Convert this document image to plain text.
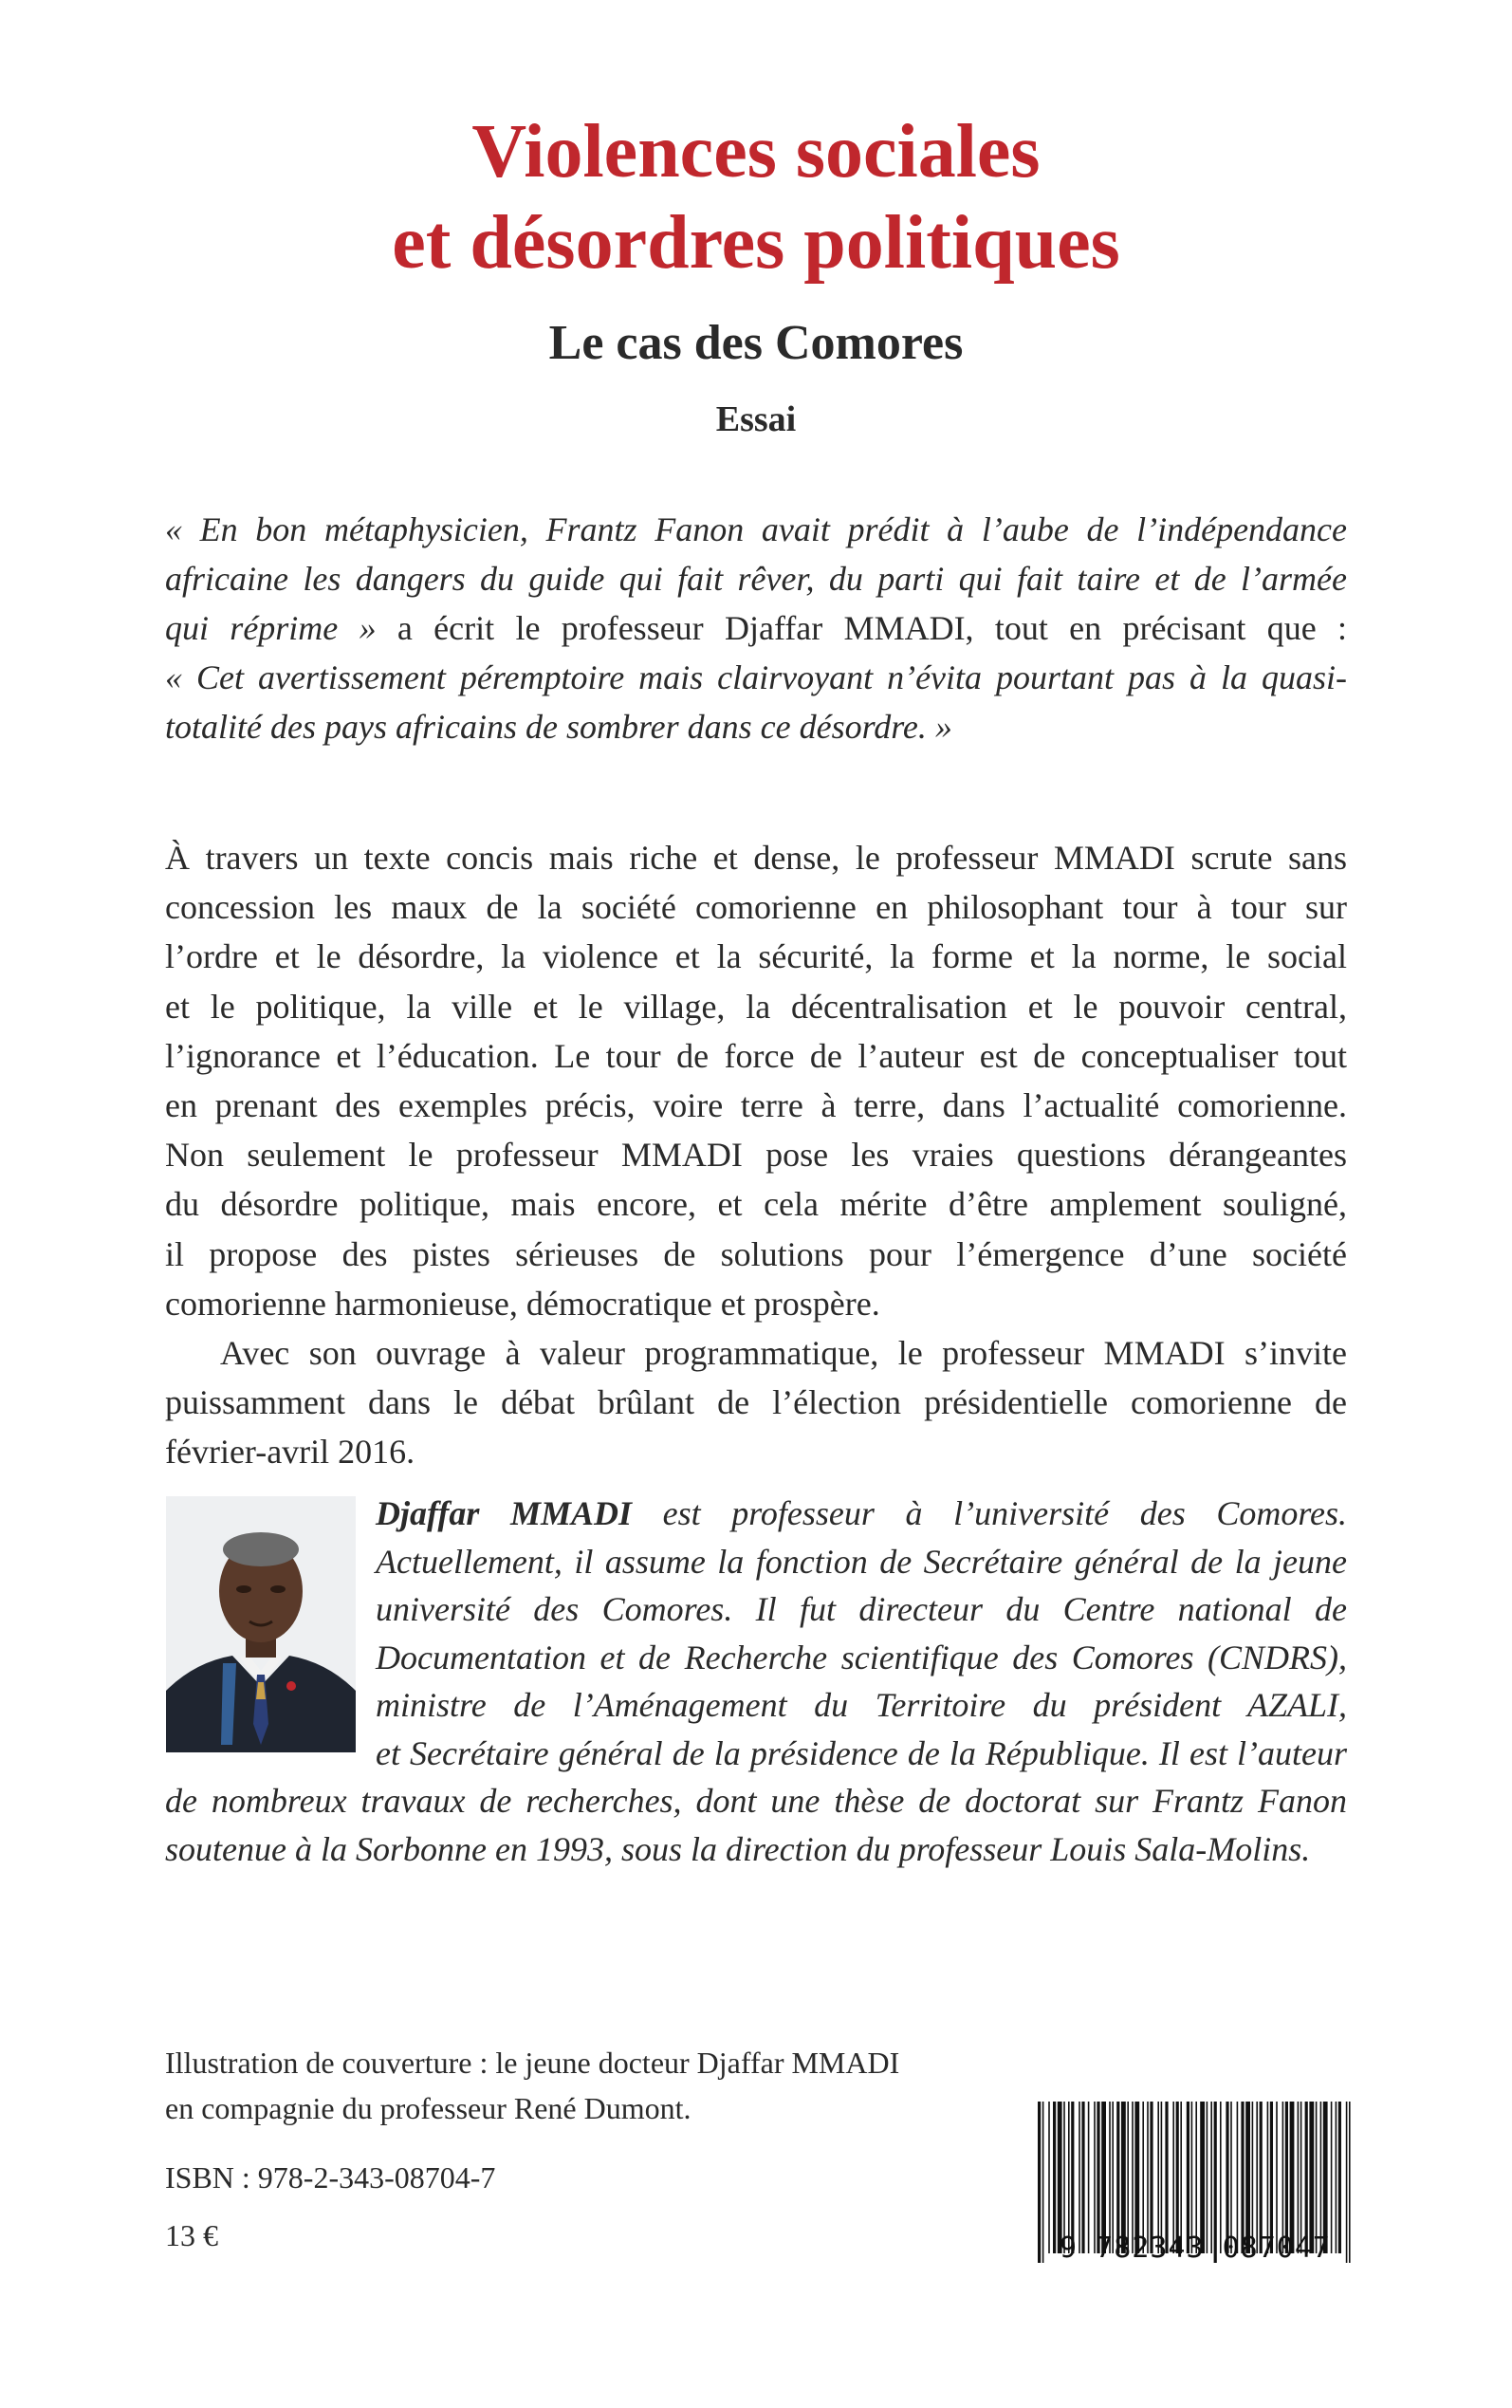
Violences sociales
et désordres politiques
Le cas des Comores
Essai
« En bon métaphysicien, Frantz Fanon avait prédit à l’aube de l’indépendance
africaine les dangers du guide qui fait rêver, du parti qui fait taire et de l’armée
qui réprime » a écrit le professeur Djaffar MMADI, tout en précisant que :
« Cet avertissement péremptoire mais clairvoyant n’évita pourtant pas à la quasi-
totalité des pays africains de sombrer dans ce désordre. »
À travers un texte concis mais riche et dense, le professeur MMADI scrute sans
concession les maux de la société comorienne en philosophant tour à tour sur
l’ordre et le désordre, la violence et la sécurité, la forme et la norme, le social
et le politique, la ville et le village, la décentralisation et le pouvoir central,
l’ignorance et l’éducation. Le tour de force de l’auteur est de conceptualiser tout
en prenant des exemples précis, voire terre à terre, dans l’actualité comorienne.
Non seulement le professeur MMADI pose les vraies questions dérangeantes
du désordre politique, mais encore, et cela mérite d’être amplement souligné,
il propose des pistes sérieuses de solutions pour l’émergence d’une société
comorienne harmonieuse, démocratique et prospère.
Avec son ouvrage à valeur programmatique, le professeur MMADI s’invite
puissamment dans le débat brûlant de l’élection présidentielle comorienne de
février-avril 2016.
Djaffar MMADI est professeur à l’université des Comores.
Actuellement, il assume la fonction de Secrétaire général de la jeune
université des Comores. Il fut directeur du Centre national de
Documentation et de Recherche scientifique des Comores (CNDRS),
ministre de l’Aménagement du Territoire du président AZALI,
et Secrétaire général de la présidence de la République. Il est l’auteur
de nombreux travaux de recherches, dont une thèse de doctorat sur Frantz Fanon
soutenue à la Sorbonne en 1993, sous la direction du professeur Louis Sala-Molins.
Illustration de couverture : le jeune docteur Djaffar MMADI
en compagnie du professeur René Dumont.
ISBN : 978-2-343-08704-7
13 €	9 782343 087047
